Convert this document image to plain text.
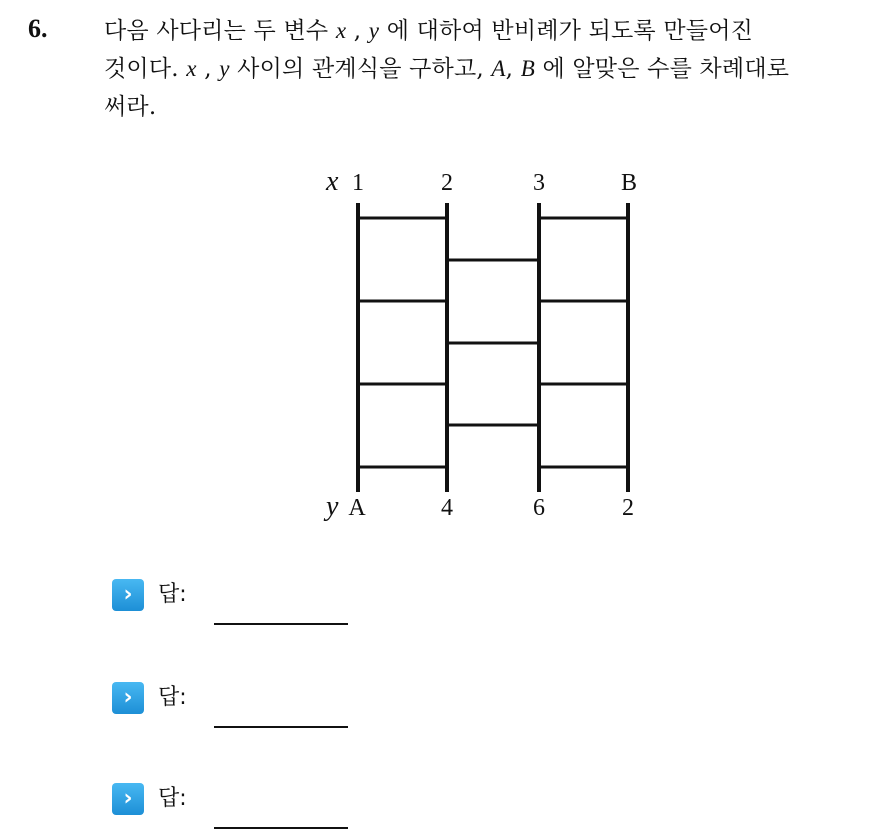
6. 다음 사다리는 두 변수 x , y 에 대하여 반비례가 되도록 만들어진
것이다. x , y 사이의 관계식을 구하고, A, B 에 알맞은 수를 차례대로
써라.
x 1	2	3	B
y A	4	6	2
›	답:
›	답:
›	답:
